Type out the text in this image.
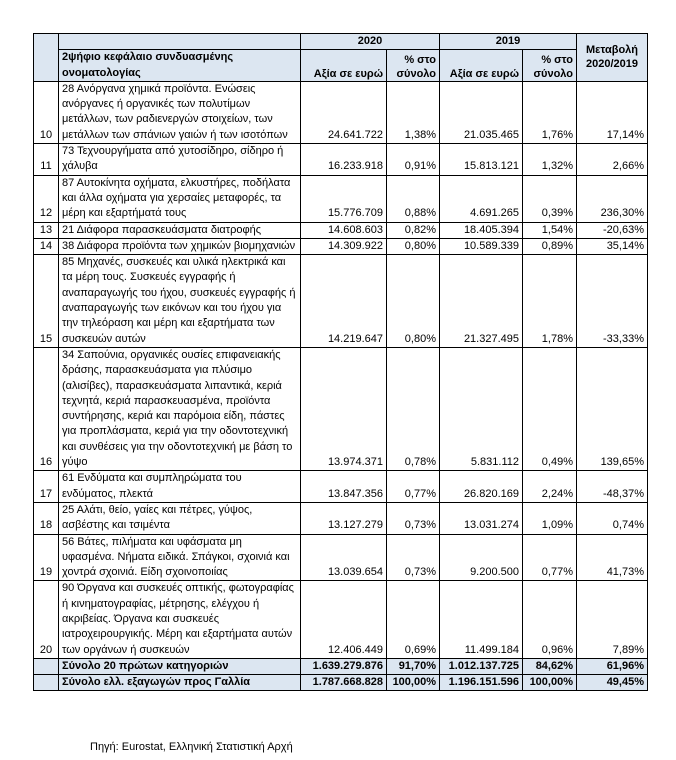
		2020		2019		Μεταβολή 2020/2019
	2ψήφιο κεφάλαιο συνδυασμένης ονοματολογίας	Αξία σε ευρώ	% στο σύνολο	Αξία σε ευρώ	% στο σύνολο	
10	28 Ανόργανα χημικά προϊόντα. Ενώσεις ανόργανες ή οργανικές των πολυτίμων μετάλλων, των ραδιενεργών στοιχείων, των μετάλλων των σπάνιων γαιών ή των ισοτόπων	24.641.722	1,38%	21.035.465	1,76%	17,14%
11	73 Τεχνουργήματα από χυτοσίδηρο, σίδηρο ή χάλυβα	16.233.918	0,91%	15.813.121	1,32%	2,66%
12	87 Αυτοκίνητα οχήματα, ελκυστήρες, ποδήλατα και άλλα οχήματα για χερσαίες μεταφορές, τα μέρη και εξαρτήματά τους	15.776.709	0,88%	4.691.265	0,39%	236,30%
13	21 Διάφορα παρασκευάσματα διατροφής	14.608.603	0,82%	18.405.394	1,54%	-20,63%
14	38 Διάφορα προϊόντα των χημικών βιομηχανιών	14.309.922	0,80%	10.589.339	0,89%	35,14%
15	85 Μηχανές, συσκευές και υλικά ηλεκτρικά και τα μέρη τους. Συσκευές εγγραφής ή αναπαραγωγής του ήχου, συσκευές εγγραφής ή αναπαραγωγής των εικόνων και του ήχου για την τηλεόραση και μέρη και εξαρτήματα των συσκευών αυτών	14.219.647	0,80%	21.327.495	1,78%	-33,33%
16	34 Σαπούνια, οργανικές ουσίες επιφανειακής δράσης, παρασκευάσματα για πλύσιμο (αλισίβες), παρασκευάσματα λιπαντικά, κεριά τεχνητά, κεριά παρασκευασμένα, προϊόντα συντήρησης, κεριά και παρόμοια είδη, πάστες για προπλάσματα, κεριά για την οδοντοτεχνική και συνθέσεις για την οδοντοτεχνική με βάση το γύψο	13.974.371	0,78%	5.831.112	0,49%	139,65%
17	61 Ενδύματα και συμπληρώματα του ενδύματος, πλεκτά	13.847.356	0,77%	26.820.169	2,24%	-48,37%
18	25 Αλάτι, θείο, γαίες και πέτρες, γύψος, ασβέστης και τσιμέντα	13.127.279	0,73%	13.031.274	1,09%	0,74%
19	56 Βάτες, πιλήματα και υφάσματα μη υφασμένα. Νήματα ειδικά. Σπάγκοι, σχοινιά και χοντρά σχοινιά. Είδη σχοινοποιίας	13.039.654	0,73%	9.200.500	0,77%	41,73%
20	90 Όργανα και συσκευές οπτικής, φωτογραφίας ή κινηματογραφίας, μέτρησης, ελέγχου ή ακριβείας. Όργανα και συσκευές ιατροχειρουργικής. Μέρη και εξαρτήματα αυτών των οργάνων ή συσκευών	12.406.449	0,69%	11.499.184	0,96%	7,89%
	Σύνολο 20 πρώτων κατηγοριών	1.639.279.876	91,70%	1.012.137.725	84,62%	61,96%
	Σύνολο ελλ. εξαγωγών προς Γαλλία	1.787.668.828	100,00%	1.196.151.596	100,00%	49,45%
Πηγή: Eurostat, Ελληνική Στατιστική Αρχή
